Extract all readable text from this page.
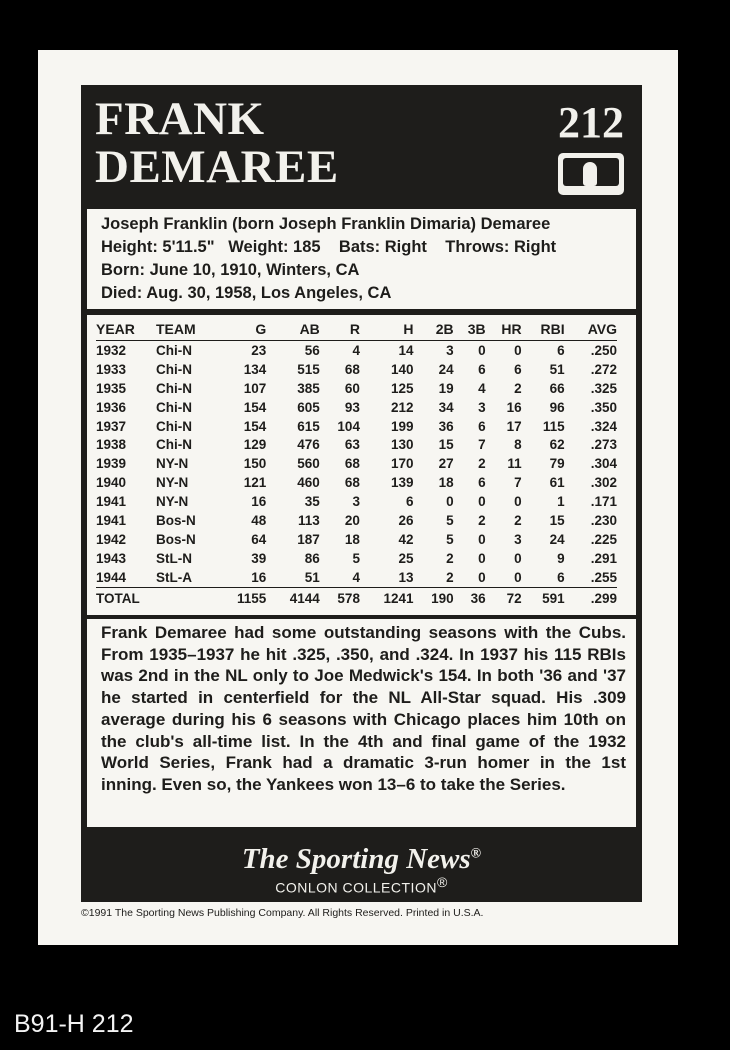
FRANK
DEMAREE
212
Joseph Franklin (born Joseph Franklin Dimaria) Demaree
Height: 5'11.5"   Weight: 185    Bats: Right    Throws: Right
Born: June 10, 1910, Winters, CA
Died: Aug. 30, 1958, Los Angeles, CA
YEAR	TEAM	G	AB	R	H	2B	3B	HR	RBI	AVG
1932	Chi-N	23	56	4	14	3	0	0	6	.250
1933	Chi-N	134	515	68	140	24	6	6	51	.272
1935	Chi-N	107	385	60	125	19	4	2	66	.325
1936	Chi-N	154	605	93	212	34	3	16	96	.350
1937	Chi-N	154	615	104	199	36	6	17	115	.324
1938	Chi-N	129	476	63	130	15	7	8	62	.273
1939	NY-N	150	560	68	170	27	2	11	79	.304
1940	NY-N	121	460	68	139	18	6	7	61	.302
1941	NY-N	16	35	3	6	0	0	0	1	.171
1941	Bos-N	48	113	20	26	5	2	2	15	.230
1942	Bos-N	64	187	18	42	5	0	3	24	.225
1943	StL-N	39	86	5	25	2	0	0	9	.291
1944	StL-A	16	51	4	13	2	0	0	6	.255
TOTAL		1155	4144	578	1241	190	36	72	591	.299
Frank Demaree had some outstanding seasons with the Cubs. From 1935–1937 he hit .325, .350, and .324. In 1937 his 115 RBIs was 2nd in the NL only to Joe Medwick's 154. In both '36 and '37 he started in centerfield for the NL All-Star squad. His .309 average during his 6 seasons with Chicago places him 10th on the club's all-time list. In the 4th and final game of the 1932 World Series, Frank had a dramatic 3-run homer in the 1st inning. Even so, the Yankees won 13–6 to take the Series.
The Sporting News®
CONLON COLLECTION®
©1991 The Sporting News Publishing Company. All Rights Reserved. Printed in U.S.A.
B91-H 212
